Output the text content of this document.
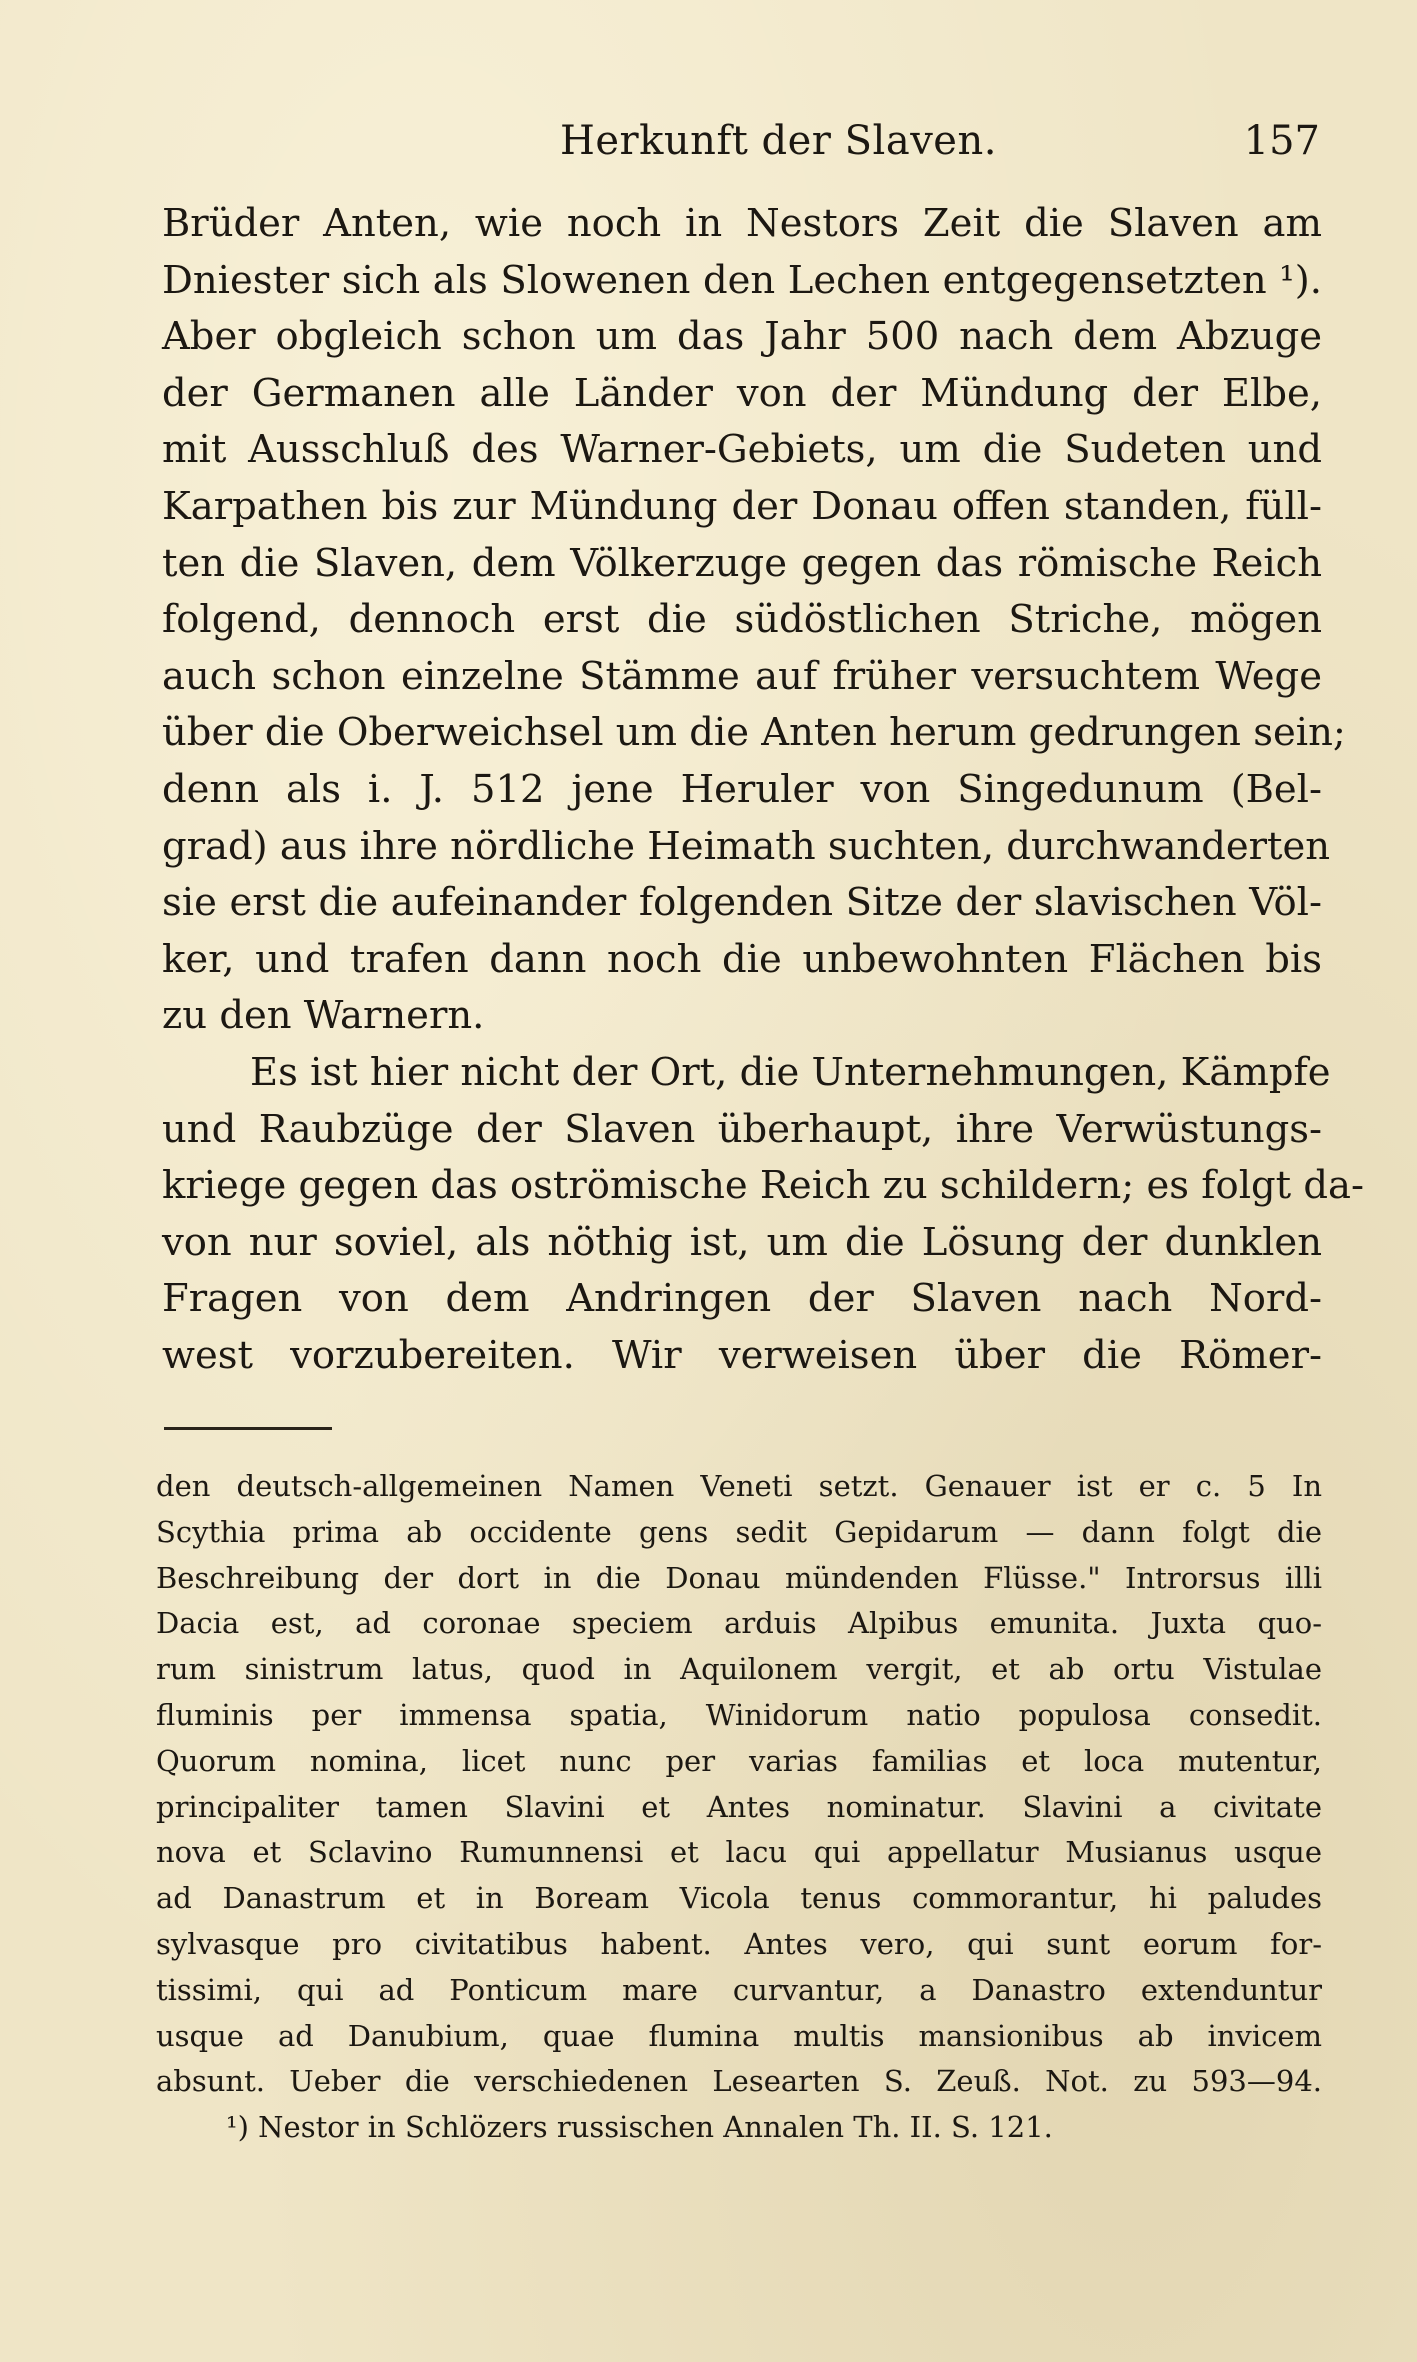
Herkunft der Slaven.	157
Brüder Anten, wie noch in Nestors Zeit die Slaven am
Dniester sich als Slowenen den Lechen entgegensetzten ¹).
Aber obgleich schon um das Jahr 500 nach dem Abzuge
der Germanen alle Länder von der Mündung der Elbe,
mit Ausschluß des Warner-Gebiets, um die Sudeten und
Karpathen bis zur Mündung der Donau offen standen, füll-
ten die Slaven, dem Völkerzuge gegen das römische Reich
folgend, dennoch erst die südöstlichen Striche, mögen
auch schon einzelne Stämme auf früher versuchtem Wege
über die Oberweichsel um die Anten herum gedrungen sein;
denn als i. J. 512 jene Heruler von Singedunum (Bel-
grad) aus ihre nördliche Heimath suchten, durchwanderten
sie erst die aufeinander folgenden Sitze der slavischen Völ-
ker, und trafen dann noch die unbewohnten Flächen bis
zu den Warnern.
Es ist hier nicht der Ort, die Unternehmungen, Kämpfe
und Raubzüge der Slaven überhaupt, ihre Verwüstungs-
kriege gegen das oströmische Reich zu schildern; es folgt da-
von nur soviel, als nöthig ist, um die Lösung der dunklen
Fragen von dem Andringen der Slaven nach Nord-
west vorzubereiten. Wir verweisen über die Römer-
den deutsch-allgemeinen Namen Veneti setzt. Genauer ist er c. 5 In
Scythia prima ab occidente gens sedit Gepidarum — dann folgt die
Beschreibung der dort in die Donau mündenden Flüsse." Introrsus illi
Dacia est, ad coronae speciem arduis Alpibus emunita. Juxta quo-
rum sinistrum latus, quod in Aquilonem vergit, et ab ortu Vistulae
fluminis per immensa spatia, Winidorum natio populosa consedit.
Quorum nomina, licet nunc per varias familias et loca mutentur,
principaliter tamen Slavini et Antes nominatur. Slavini a civitate
nova et Sclavino Rumunnensi et lacu qui appellatur Musianus usque
ad Danastrum et in Boream Vicola tenus commorantur, hi paludes
sylvasque pro civitatibus habent. Antes vero, qui sunt eorum for-
tissimi, qui ad Ponticum mare curvantur, a Danastro extenduntur
usque ad Danubium, quae flumina multis mansionibus ab invicem
absunt. Ueber die verschiedenen Lesearten S. Zeuß. Not. zu 593—94.
¹) Nestor in Schlözers russischen Annalen Th. II. S. 121.
